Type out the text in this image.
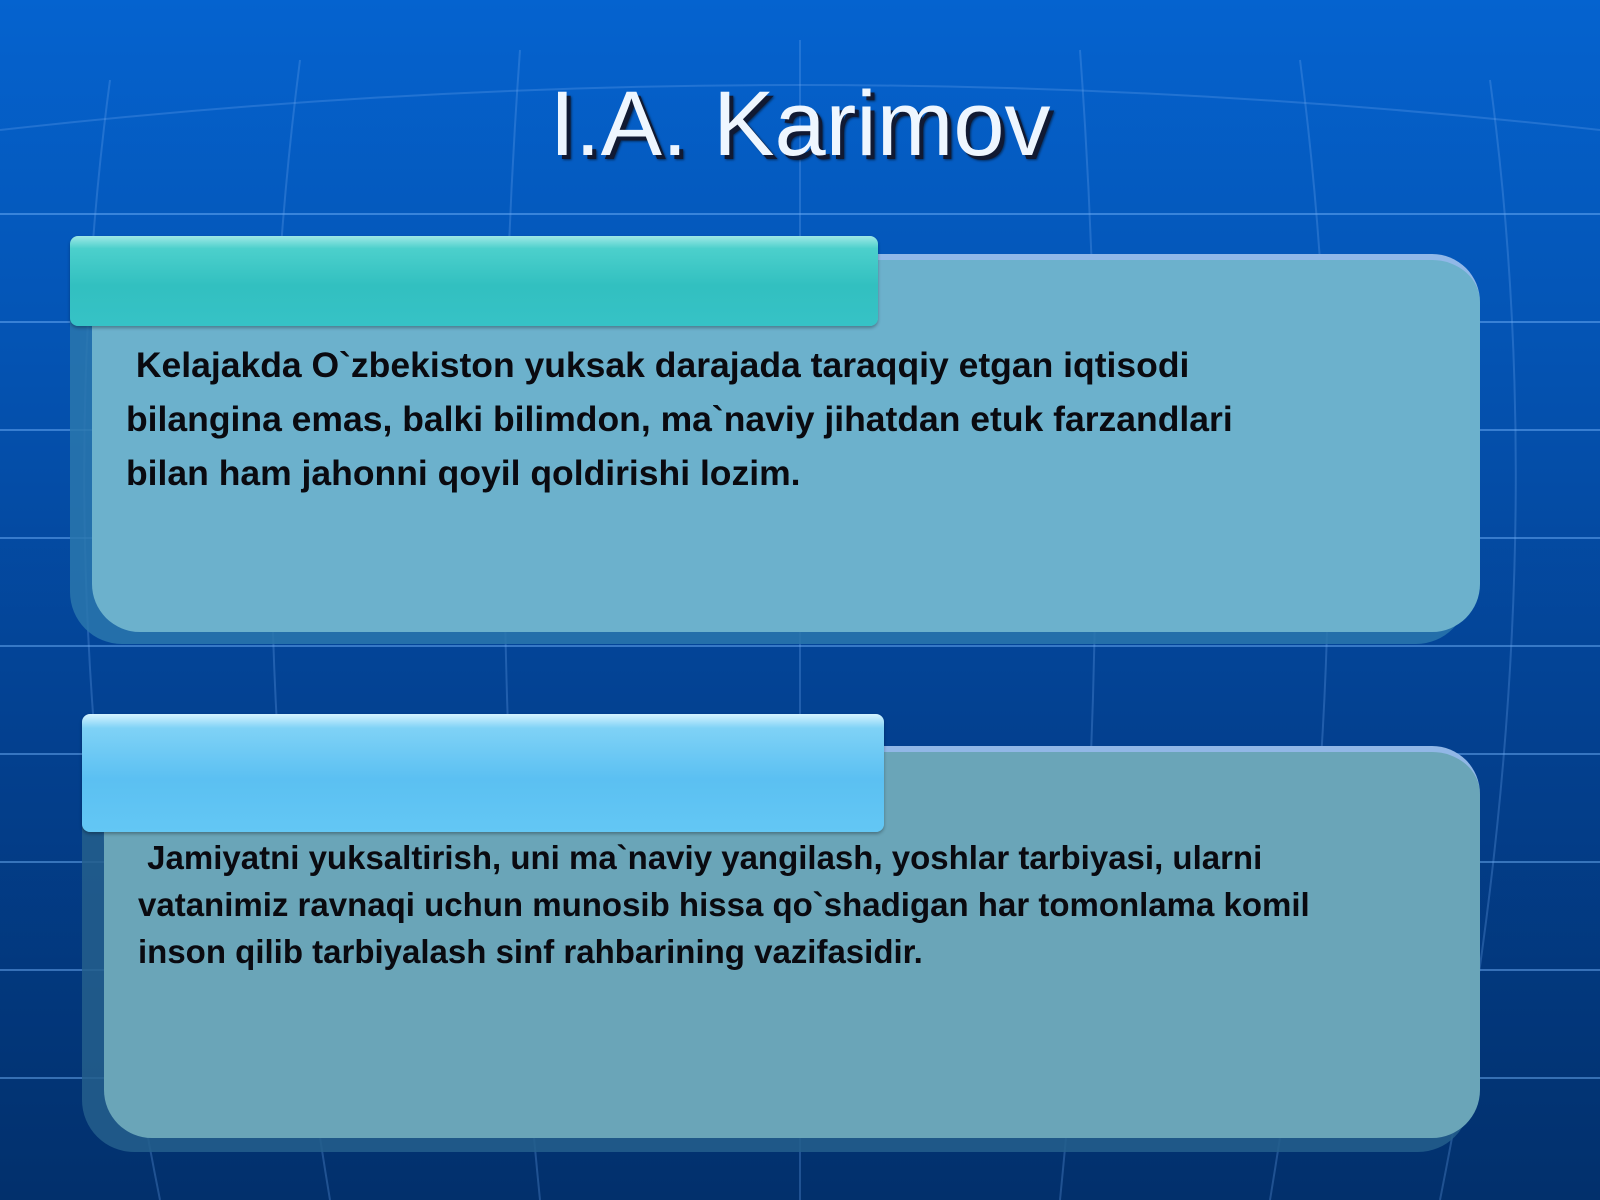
I.A. Karimov

Kelajakda O`zbekiston yuksak darajada taraqqiy etgan iqtisodi
bilangina emas, balki bilimdon, ma`naviy jihatdan etuk farzandlari
bilan ham jahonni qoyil qoldirishi lozim.

Jamiyatni yuksaltirish, uni ma`naviy yangilash, yoshlar tarbiyasi, ularni
vatanimiz ravnaqi uchun munosib hissa qo`shadigan har tomonlama komil
inson qilib tarbiyalash sinf rahbarining vazifasidir.
